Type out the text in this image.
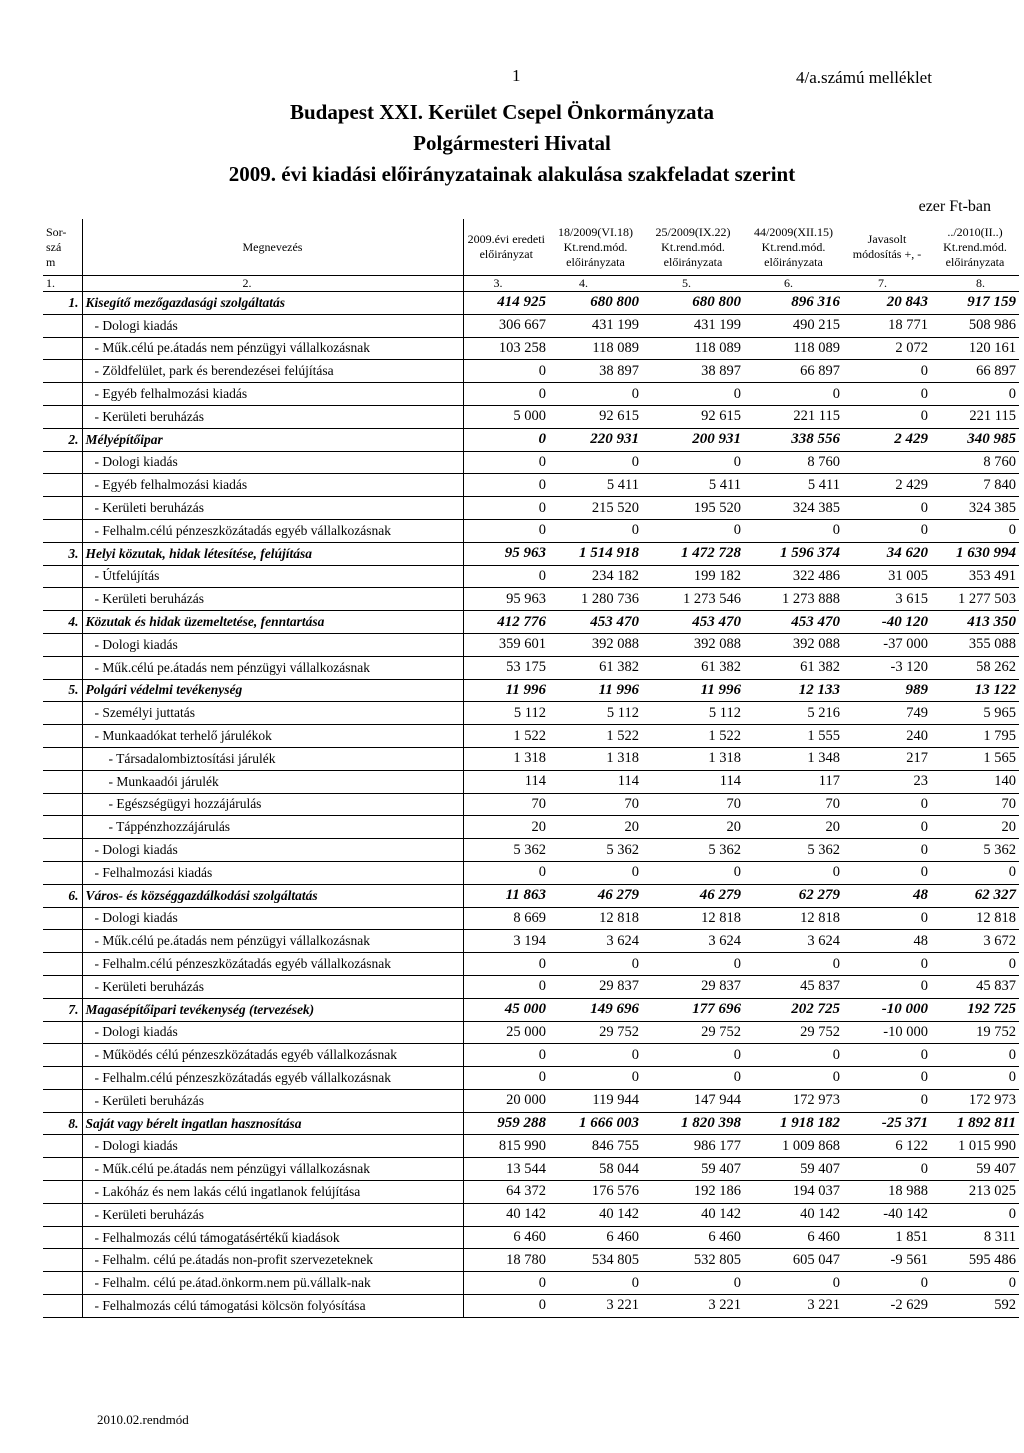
1	4/a.számú melléklet
Budapest XXI. Kerület Csepel Önkormányzata
Polgármesteri Hivatal
2009. évi kiadási előirányzatainak alakulása szakfeladat szerint
ezer Ft-ban
Sor-
szá
m	Megnevezés	2009.évi eredeti előirányzat	18/2009(VI.18) Kt.rend.mód. előirányzata	25/2009(IX.22) Kt.rend.mód. előirányzata	44/2009(XII.15) Kt.rend.mód. előirányzata	Javasolt módosítás +, -	../2010(II..) Kt.rend.mód. előirányzata
1.	2.	3.	4.	5.	6.	7.	8.
1.	Kisegítő mezőgazdasági szolgáltatás	414 925	680 800	680 800	896 316	20 843	917 159
	- Dologi kiadás	306 667	431 199	431 199	490 215	18 771	508 986
	- Műk.célú pe.átadás nem pénzügyi vállalkozásnak	103 258	118 089	118 089	118 089	2 072	120 161
	- Zöldfelület, park és berendezései felújítása	0	38 897	38 897	66 897	0	66 897
	- Egyéb felhalmozási kiadás	0	0	0	0	0	0
	- Kerületi beruházás	5 000	92 615	92 615	221 115	0	221 115
2.	Mélyépítőipar	0	220 931	200 931	338 556	2 429	340 985
	- Dologi kiadás	0	0	0	8 760		8 760
	- Egyéb felhalmozási kiadás	0	5 411	5 411	5 411	2 429	7 840
	- Kerületi beruházás	0	215 520	195 520	324 385	0	324 385
	- Felhalm.célú pénzeszközátadás egyéb vállalkozásnak	0	0	0	0	0	0
3.	Helyi közutak, hidak létesítése, felújítása	95 963	1 514 918	1 472 728	1 596 374	34 620	1 630 994
	- Útfelújítás	0	234 182	199 182	322 486	31 005	353 491
	- Kerületi beruházás	95 963	1 280 736	1 273 546	1 273 888	3 615	1 277 503
4.	Közutak és hidak üzemeltetése, fenntartása	412 776	453 470	453 470	453 470	-40 120	413 350
	- Dologi kiadás	359 601	392 088	392 088	392 088	-37 000	355 088
	- Műk.célú pe.átadás nem pénzügyi vállalkozásnak	53 175	61 382	61 382	61 382	-3 120	58 262
5.	Polgári védelmi tevékenység	11 996	11 996	11 996	12 133	989	13 122
	- Személyi juttatás	5 112	5 112	5 112	5 216	749	5 965
	- Munkaadókat terhelő járulékok	1 522	1 522	1 522	1 555	240	1 795
	- Társadalombiztosítási járulék	1 318	1 318	1 318	1 348	217	1 565
	- Munkaadói járulék	114	114	114	117	23	140
	- Egészségügyi hozzájárulás	70	70	70	70	0	70
	- Táppénzhozzájárulás	20	20	20	20	0	20
	- Dologi kiadás	5 362	5 362	5 362	5 362	0	5 362
	- Felhalmozási kiadás	0	0	0	0	0	0
6.	Város- és községgazdálkodási szolgáltatás	11 863	46 279	46 279	62 279	48	62 327
	- Dologi kiadás	8 669	12 818	12 818	12 818	0	12 818
	- Műk.célú pe.átadás nem pénzügyi vállalkozásnak	3 194	3 624	3 624	3 624	48	3 672
	- Felhalm.célú pénzeszközátadás egyéb vállalkozásnak	0	0	0	0	0	0
	- Kerületi beruházás	0	29 837	29 837	45 837	0	45 837
7.	Magasépítőipari tevékenység (tervezések)	45 000	149 696	177 696	202 725	-10 000	192 725
	- Dologi kiadás	25 000	29 752	29 752	29 752	-10 000	19 752
	- Működés célú pénzeszközátadás egyéb vállalkozásnak	0	0	0	0	0	0
	- Felhalm.célú pénzeszközátadás egyéb vállalkozásnak	0	0	0	0	0	0
	- Kerületi beruházás	20 000	119 944	147 944	172 973	0	172 973
8.	Saját vagy bérelt ingatlan hasznosítása	959 288	1 666 003	1 820 398	1 918 182	-25 371	1 892 811
	- Dologi kiadás	815 990	846 755	986 177	1 009 868	6 122	1 015 990
	- Műk.célú pe.átadás nem pénzügyi vállalkozásnak	13 544	58 044	59 407	59 407	0	59 407
	- Lakóház és nem lakás célú ingatlanok felújítása	64 372	176 576	192 186	194 037	18 988	213 025
	- Kerületi beruházás	40 142	40 142	40 142	40 142	-40 142	0
	- Felhalmozás célú támogatásértékű kiadások	6 460	6 460	6 460	6 460	1 851	8 311
	- Felhalm. célú pe.átadás non-profit szervezeteknek	18 780	534 805	532 805	605 047	-9 561	595 486
	- Felhalm. célú pe.átad.önkorm.nem pü.vállalk-nak	0	0	0	0	0	0
	- Felhalmozás célú támogatási kölcsön folyósítása	0	3 221	3 221	3 221	-2 629	592
2010.02.rendmód
